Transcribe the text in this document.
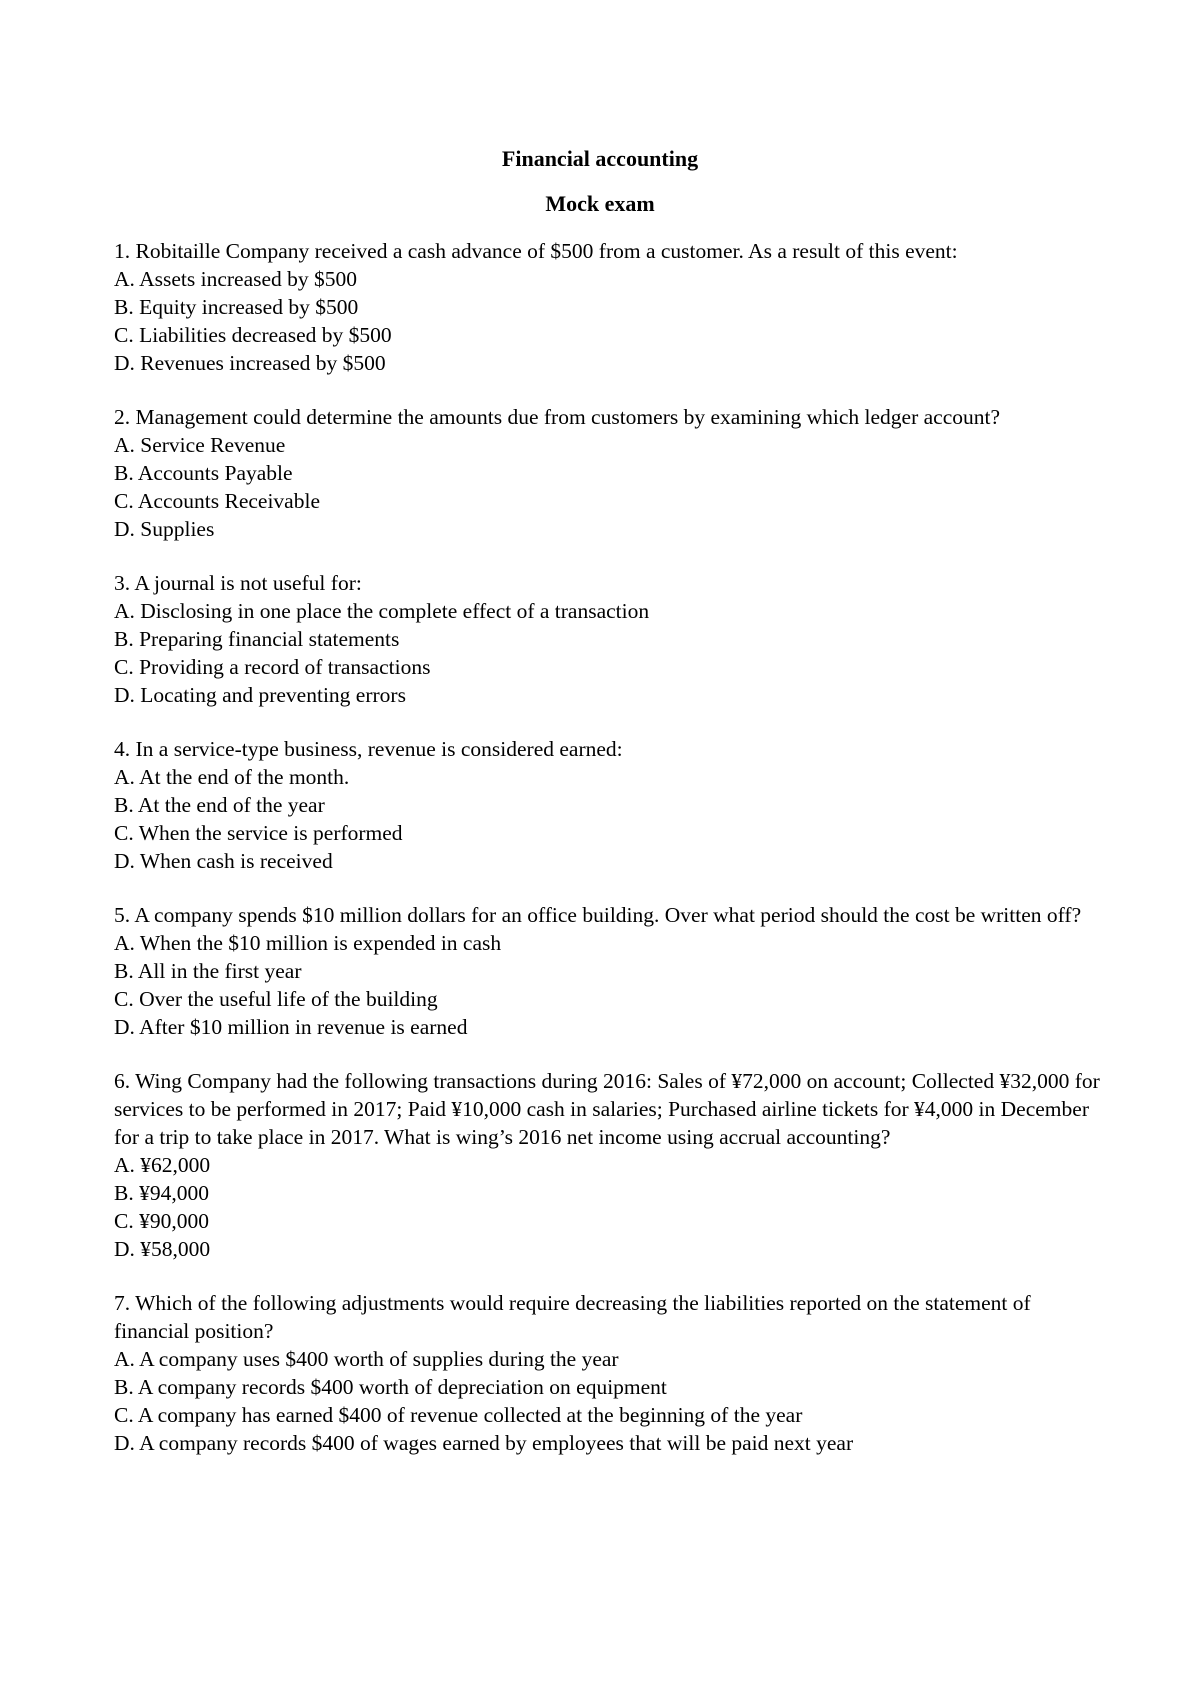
Financial accounting
Mock exam

1. Robitaille Company received a cash advance of $500 from a customer. As a result of this event:

A. Assets increased by $500

B. Equity increased by $500

C. Liabilities decreased by $500

D. Revenues increased by $500

2. Management could determine the amounts due from customers by examining which ledger account?

A. Service Revenue

B. Accounts Payable

C. Accounts Receivable

D. Supplies

3. A journal is not useful for:

A. Disclosing in one place the complete effect of a transaction

B. Preparing financial statements

C. Providing a record of transactions

D. Locating and preventing errors

4. In a service-type business, revenue is considered earned:

A. At the end of the month.

B. At the end of the year

C. When the service is performed

D. When cash is received

5. A company spends $10 million dollars for an office building. Over what period should the cost be written off?

A. When the $10 million is expended in cash

B. All in the first year

C. Over the useful life of the building

D. After $10 million in revenue is earned

6. Wing Company had the following transactions during 2016: Sales of ¥72,000 on account; Collected ¥32,000 for services to be performed in 2017; Paid ¥10,000 cash in salaries; Purchased airline tickets for ¥4,000 in December for a trip to take place in 2017. What is wing’s 2016 net income using accrual accounting?

A. ¥62,000

B. ¥94,000

C. ¥90,000

D. ¥58,000

7. Which of the following adjustments would require decreasing the liabilities reported on the statement of financial position?

A. A company uses $400 worth of supplies during the year

B. A company records $400 worth of depreciation on equipment

C. A company has earned $400 of revenue collected at the beginning of the year

D. A company records $400 of wages earned by employees that will be paid next year
